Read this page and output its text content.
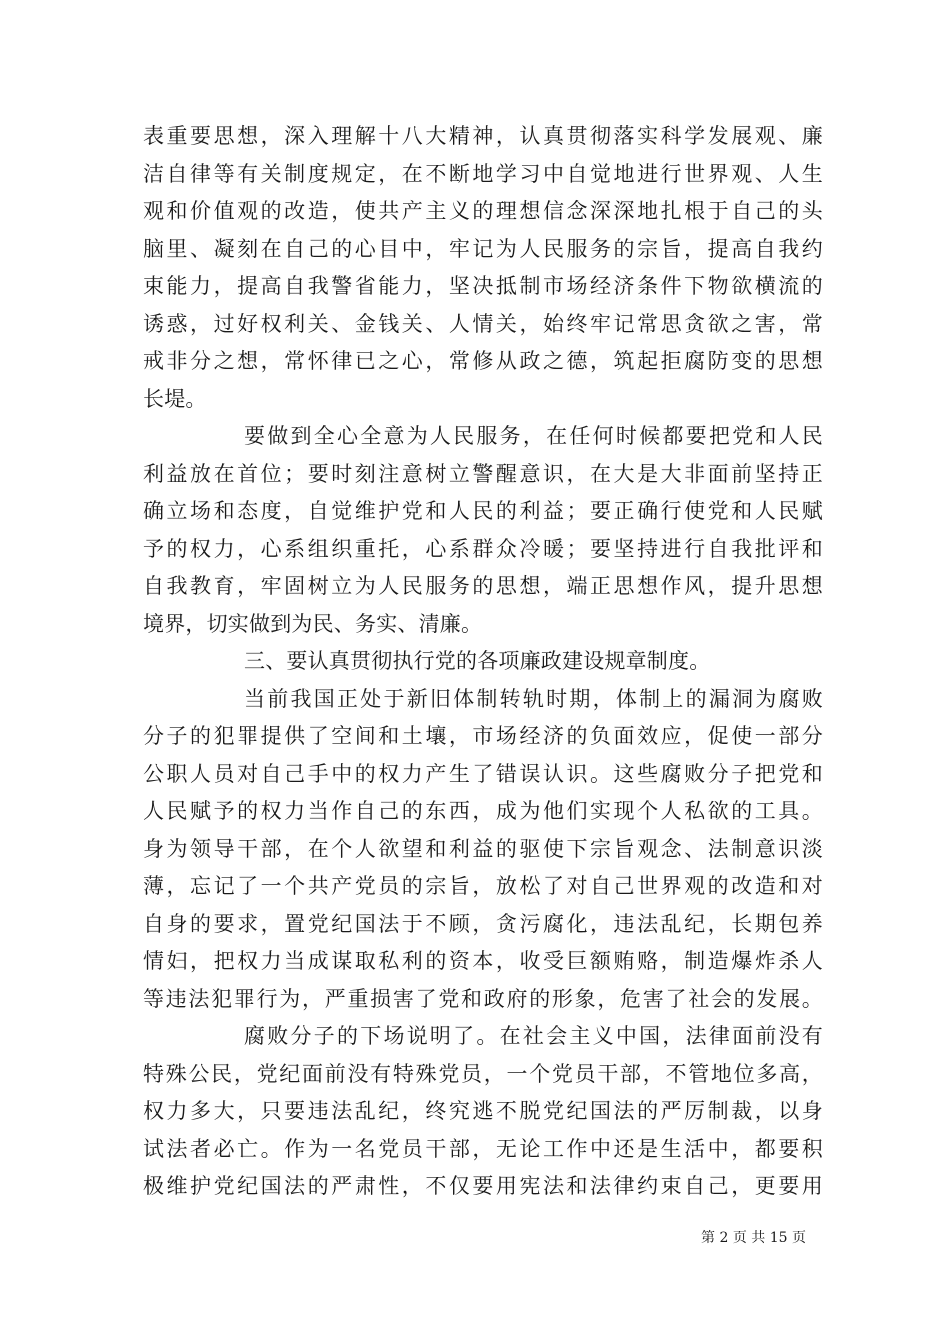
表重要思想，深入理解十八大精神，认真贯彻落实科学发展观、廉
洁自律等有关制度规定，在不断地学习中自觉地进行世界观、人生
观和价值观的改造，使共产主义的理想信念深深地扎根于自己的头
脑里、凝刻在自己的心目中，牢记为人民服务的宗旨，提高自我约
束能力，提高自我警省能力，坚决抵制市场经济条件下物欲横流的
诱惑，过好权利关、金钱关、人情关，始终牢记常思贪欲之害，常
戒非分之想，常怀律已之心，常修从政之德，筑起拒腐防变的思想
长堤。
要做到全心全意为人民服务，在任何时候都要把党和人民
利益放在首位；要时刻注意树立警醒意识，在大是大非面前坚持正
确立场和态度，自觉维护党和人民的利益；要正确行使党和人民赋
予的权力，心系组织重托，心系群众冷暖；要坚持进行自我批评和
自我教育，牢固树立为人民服务的思想，端正思想作风，提升思想
境界，切实做到为民、务实、清廉。
三、要认真贯彻执行党的各项廉政建设规章制度。
当前我国正处于新旧体制转轨时期，体制上的漏洞为腐败
分子的犯罪提供了空间和土壤，市场经济的负面效应，促使一部分
公职人员对自己手中的权力产生了错误认识。这些腐败分子把党和
人民赋予的权力当作自己的东西，成为他们实现个人私欲的工具。
身为领导干部，在个人欲望和利益的驱使下宗旨观念、法制意识淡
薄，忘记了一个共产党员的宗旨，放松了对自己世界观的改造和对
自身的要求，置党纪国法于不顾，贪污腐化，违法乱纪，长期包养
情妇，把权力当成谋取私利的资本，收受巨额贿赂，制造爆炸杀人
等违法犯罪行为，严重损害了党和政府的形象，危害了社会的发展。
腐败分子的下场说明了。在社会主义中国，法律面前没有
特殊公民，党纪面前没有特殊党员，一个党员干部，不管地位多高，
权力多大，只要违法乱纪，终究逃不脱党纪国法的严厉制裁，以身
试法者必亡。作为一名党员干部，无论工作中还是生活中，都要积
极维护党纪国法的严肃性，不仅要用宪法和法律约束自己，更要用
第 2 页 共 15 页
